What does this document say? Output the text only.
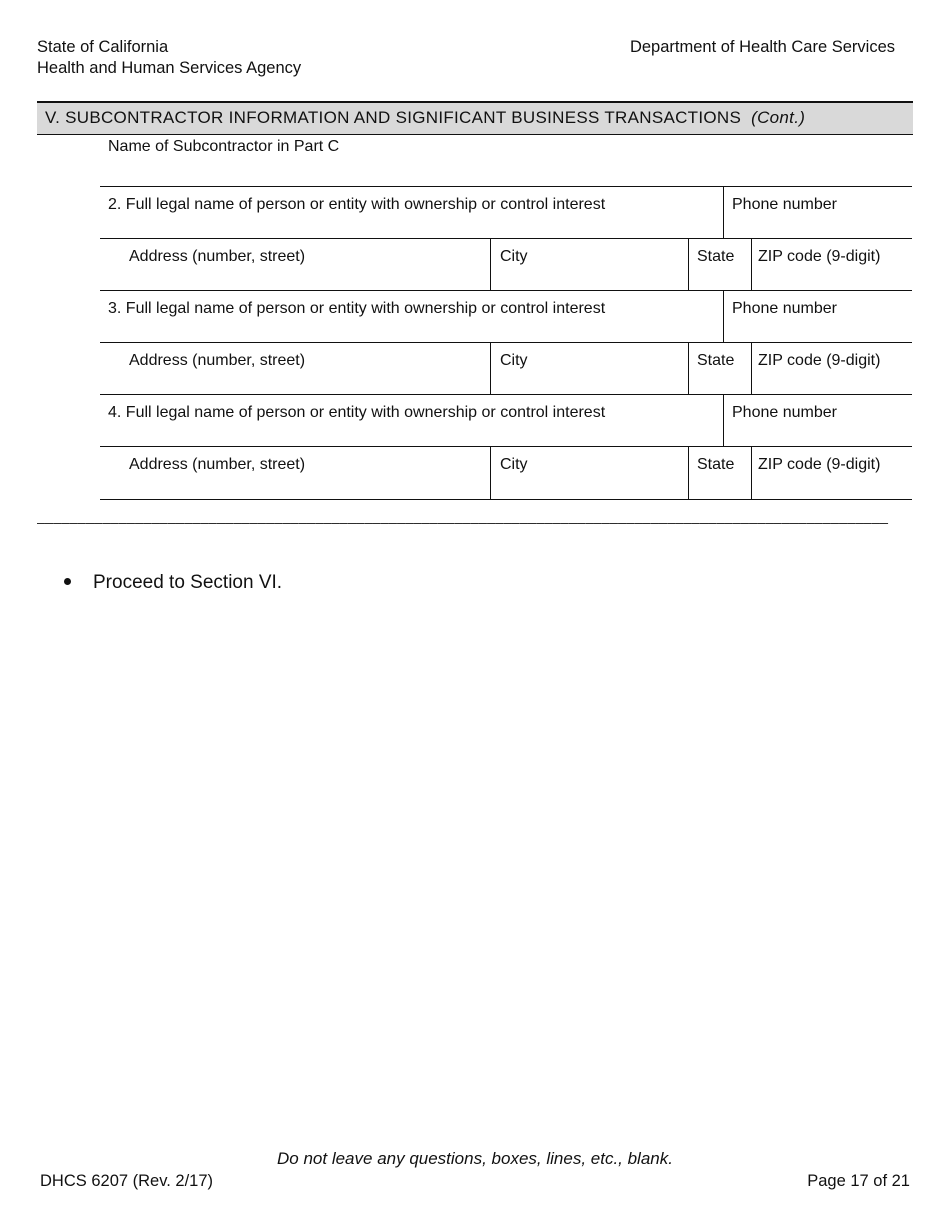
State of California
Health and Human Services Agency
Department of Health Care Services
V. SUBCONTRACTOR INFORMATION AND SIGNIFICANT BUSINESS TRANSACTIONS (Cont.)
Name of Subcontractor in Part C
2. Full legal name of person or entity with ownership or control interest	Phone number
Address (number, street)	City	State ZIP code (9-digit)
3. Full legal name of person or entity with ownership or control interest	Phone number
Address (number, street)	City	State ZIP code (9-digit)
4. Full legal name of person or entity with ownership or control interest	Phone number
Address (number, street)	City	State ZIP code (9-digit)
________________________________________________________________________________________________________
Proceed to Section VI.
Do not leave any questions, boxes, lines, etc., blank.
DHCS 6207 (Rev. 2/17)	Page 17 of 21
